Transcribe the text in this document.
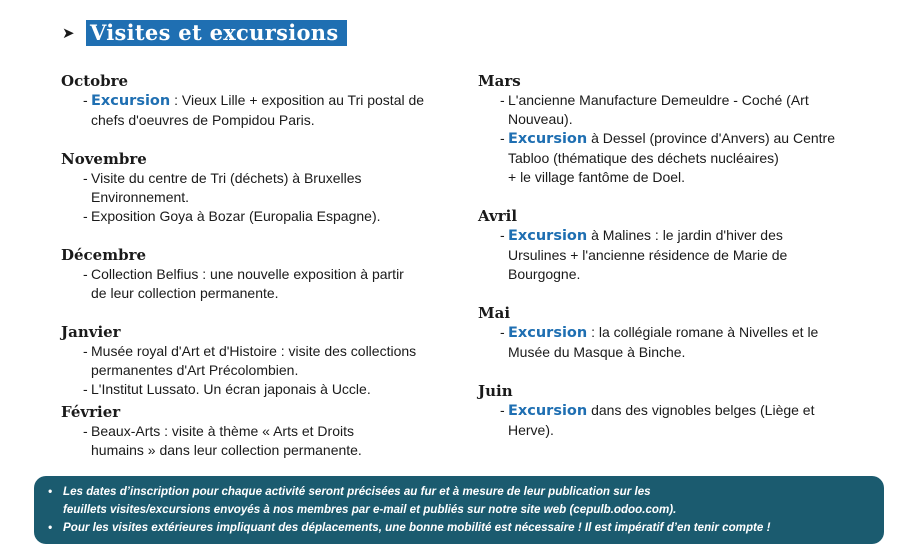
➤ Visites et excursions
Octobre
- Excursion : Vieux Lille + exposition au Tri postal de
chefs d'oeuvres de Pompidou Paris.
Novembre
- Visite du centre de Tri (déchets) à Bruxelles
Environnement.
- Exposition Goya à Bozar (Europalia Espagne).
Décembre
- Collection Belfius : une nouvelle exposition à partir
de leur collection permanente.
Janvier
- Musée royal d'Art et d'Histoire : visite des collections
permanentes d'Art Précolombien.
- L'Institut Lussato. Un écran japonais à Uccle.
Février
- Beaux-Arts : visite à thème « Arts et Droits
humains » dans leur collection permanente.
Mars
- L'ancienne Manufacture Demeuldre - Coché (Art
Nouveau).
- Excursion à Dessel (province d'Anvers) au Centre
Tabloo (thématique des déchets nucléaires)
+ le village fantôme de Doel.
Avril
- Excursion à Malines : le jardin d'hiver des
Ursulines + l'ancienne résidence de Marie de
Bourgogne.
Mai
- Excursion : la collégiale romane à Nivelles et le
Musée du Masque à Binche.
Juin
- Excursion dans des vignobles belges (Liège et
Herve).
• Les dates d’inscription pour chaque activité seront précisées au fur et à mesure de leur publication sur les
feuillets visites/excursions envoyés à nos membres par e-mail et publiés sur notre site web (cepulb.odoo.com).
• Pour les visites extérieures impliquant des déplacements, une bonne mobilité est nécessaire ! Il est impératif d’en tenir compte !
